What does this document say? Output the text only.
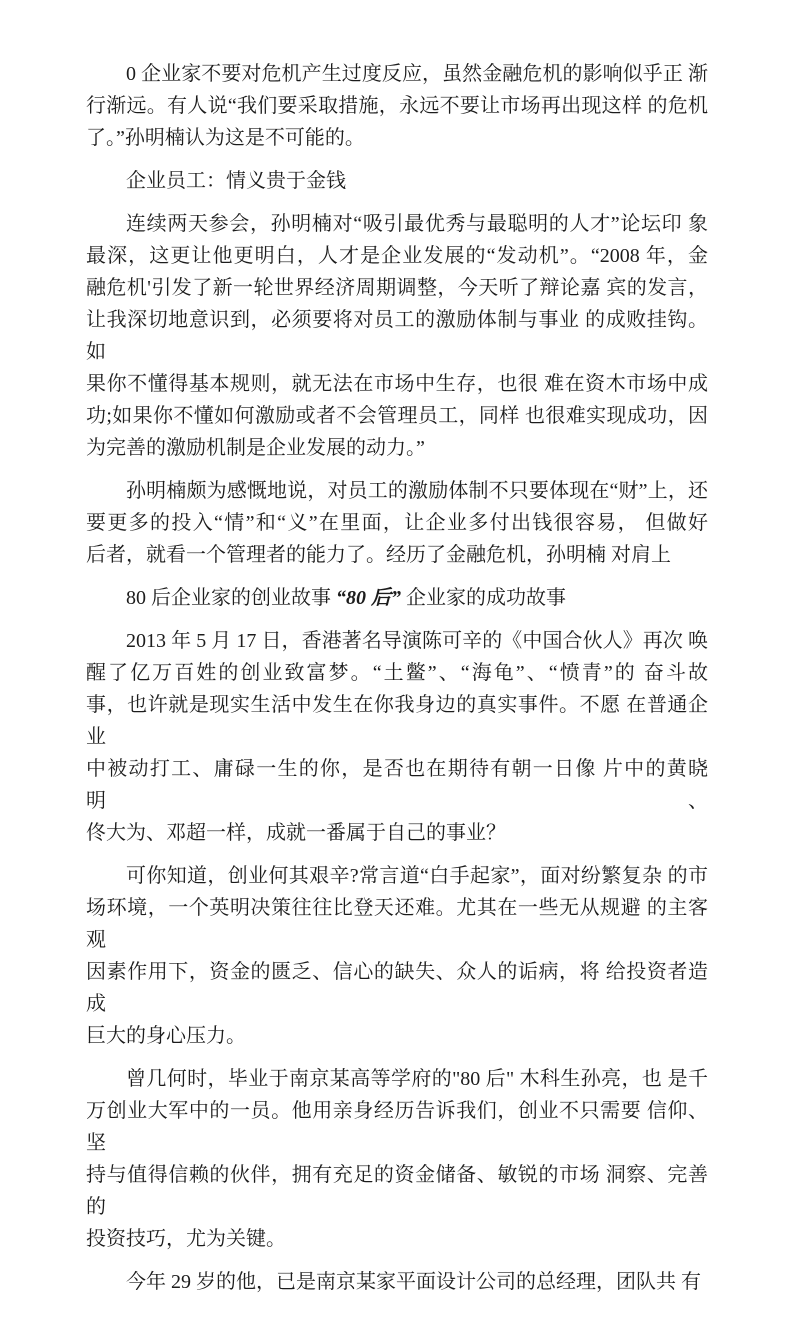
0 企业家不要对危机产生过度反应，虽然金融危机的影响似乎正 渐
行渐远。有人说“我们要采取措施，永远不要让市场再出现这样 的危机
了。”孙明楠认为这是不可能的。
企业员工：情义贵于金钱
连续两天参会，孙明楠对“吸引最优秀与最聪明的人才”论坛印 象
最深，这更让他更明白，人才是企业发展的“发动机”。“2008 年，金
融危机'引发了新一轮世界经济周期调整，今天听了辩论嘉 宾的发言，
让我深切地意识到，必须要将对员工的激励体制与事业 的成败挂钩。如
果你不懂得基本规则，就无法在市场中生存，也很 难在资木市场中成
功;如果你不懂如何激励或者不会管理员工，同样 也很难实现成功，因
为完善的激励机制是企业发展的动力。”
孙明楠颇为感慨地说，对员工的激励体制不只要体现在“财”上，还
要更多的投入“情”和“义”在里面，让企业多付出钱很容易， 但做好
后者，就看一个管理者的能力了。经历了金融危机，孙明楠 对肩上
80 后企业家的创业故事 “80 后” 企业家的成功故事
2013 年 5 月 17 日，香港著名导演陈可辛的《中国合伙人》再次 唤
醒了亿万百姓的创业致富梦。“土鳖”、“海龟”、“愤青”的 奋斗故
事，也许就是现实生活中发生在你我身边的真实事件。不愿 在普通企业
中被动打工、庸碌一生的你，是否也在期待有朝一日像 片中的黄晓明、
佟大为、邓超一样，成就一番属于自己的事业？
可你知道，创业何其艰辛?常言道“白手起家”，面对纷繁复杂 的市
场环境，一个英明决策往往比登天还难。尤其在一些无从规避 的主客观
因素作用下，资金的匮乏、信心的缺失、众人的诟病，将 给投资者造成
巨大的身心压力。
曾几何时，毕业于南京某高等学府的"80 后" 木科生孙亮，也 是千
万创业大军中的一员。他用亲身经历告诉我们，创业不只需要 信仰、坚
持与值得信赖的伙伴，拥有充足的资金储备、敏锐的市场 洞察、完善的
投资技巧，尤为关键。
今年 29 岁的他，已是南京某家平面设计公司的总经理，团队共 有
